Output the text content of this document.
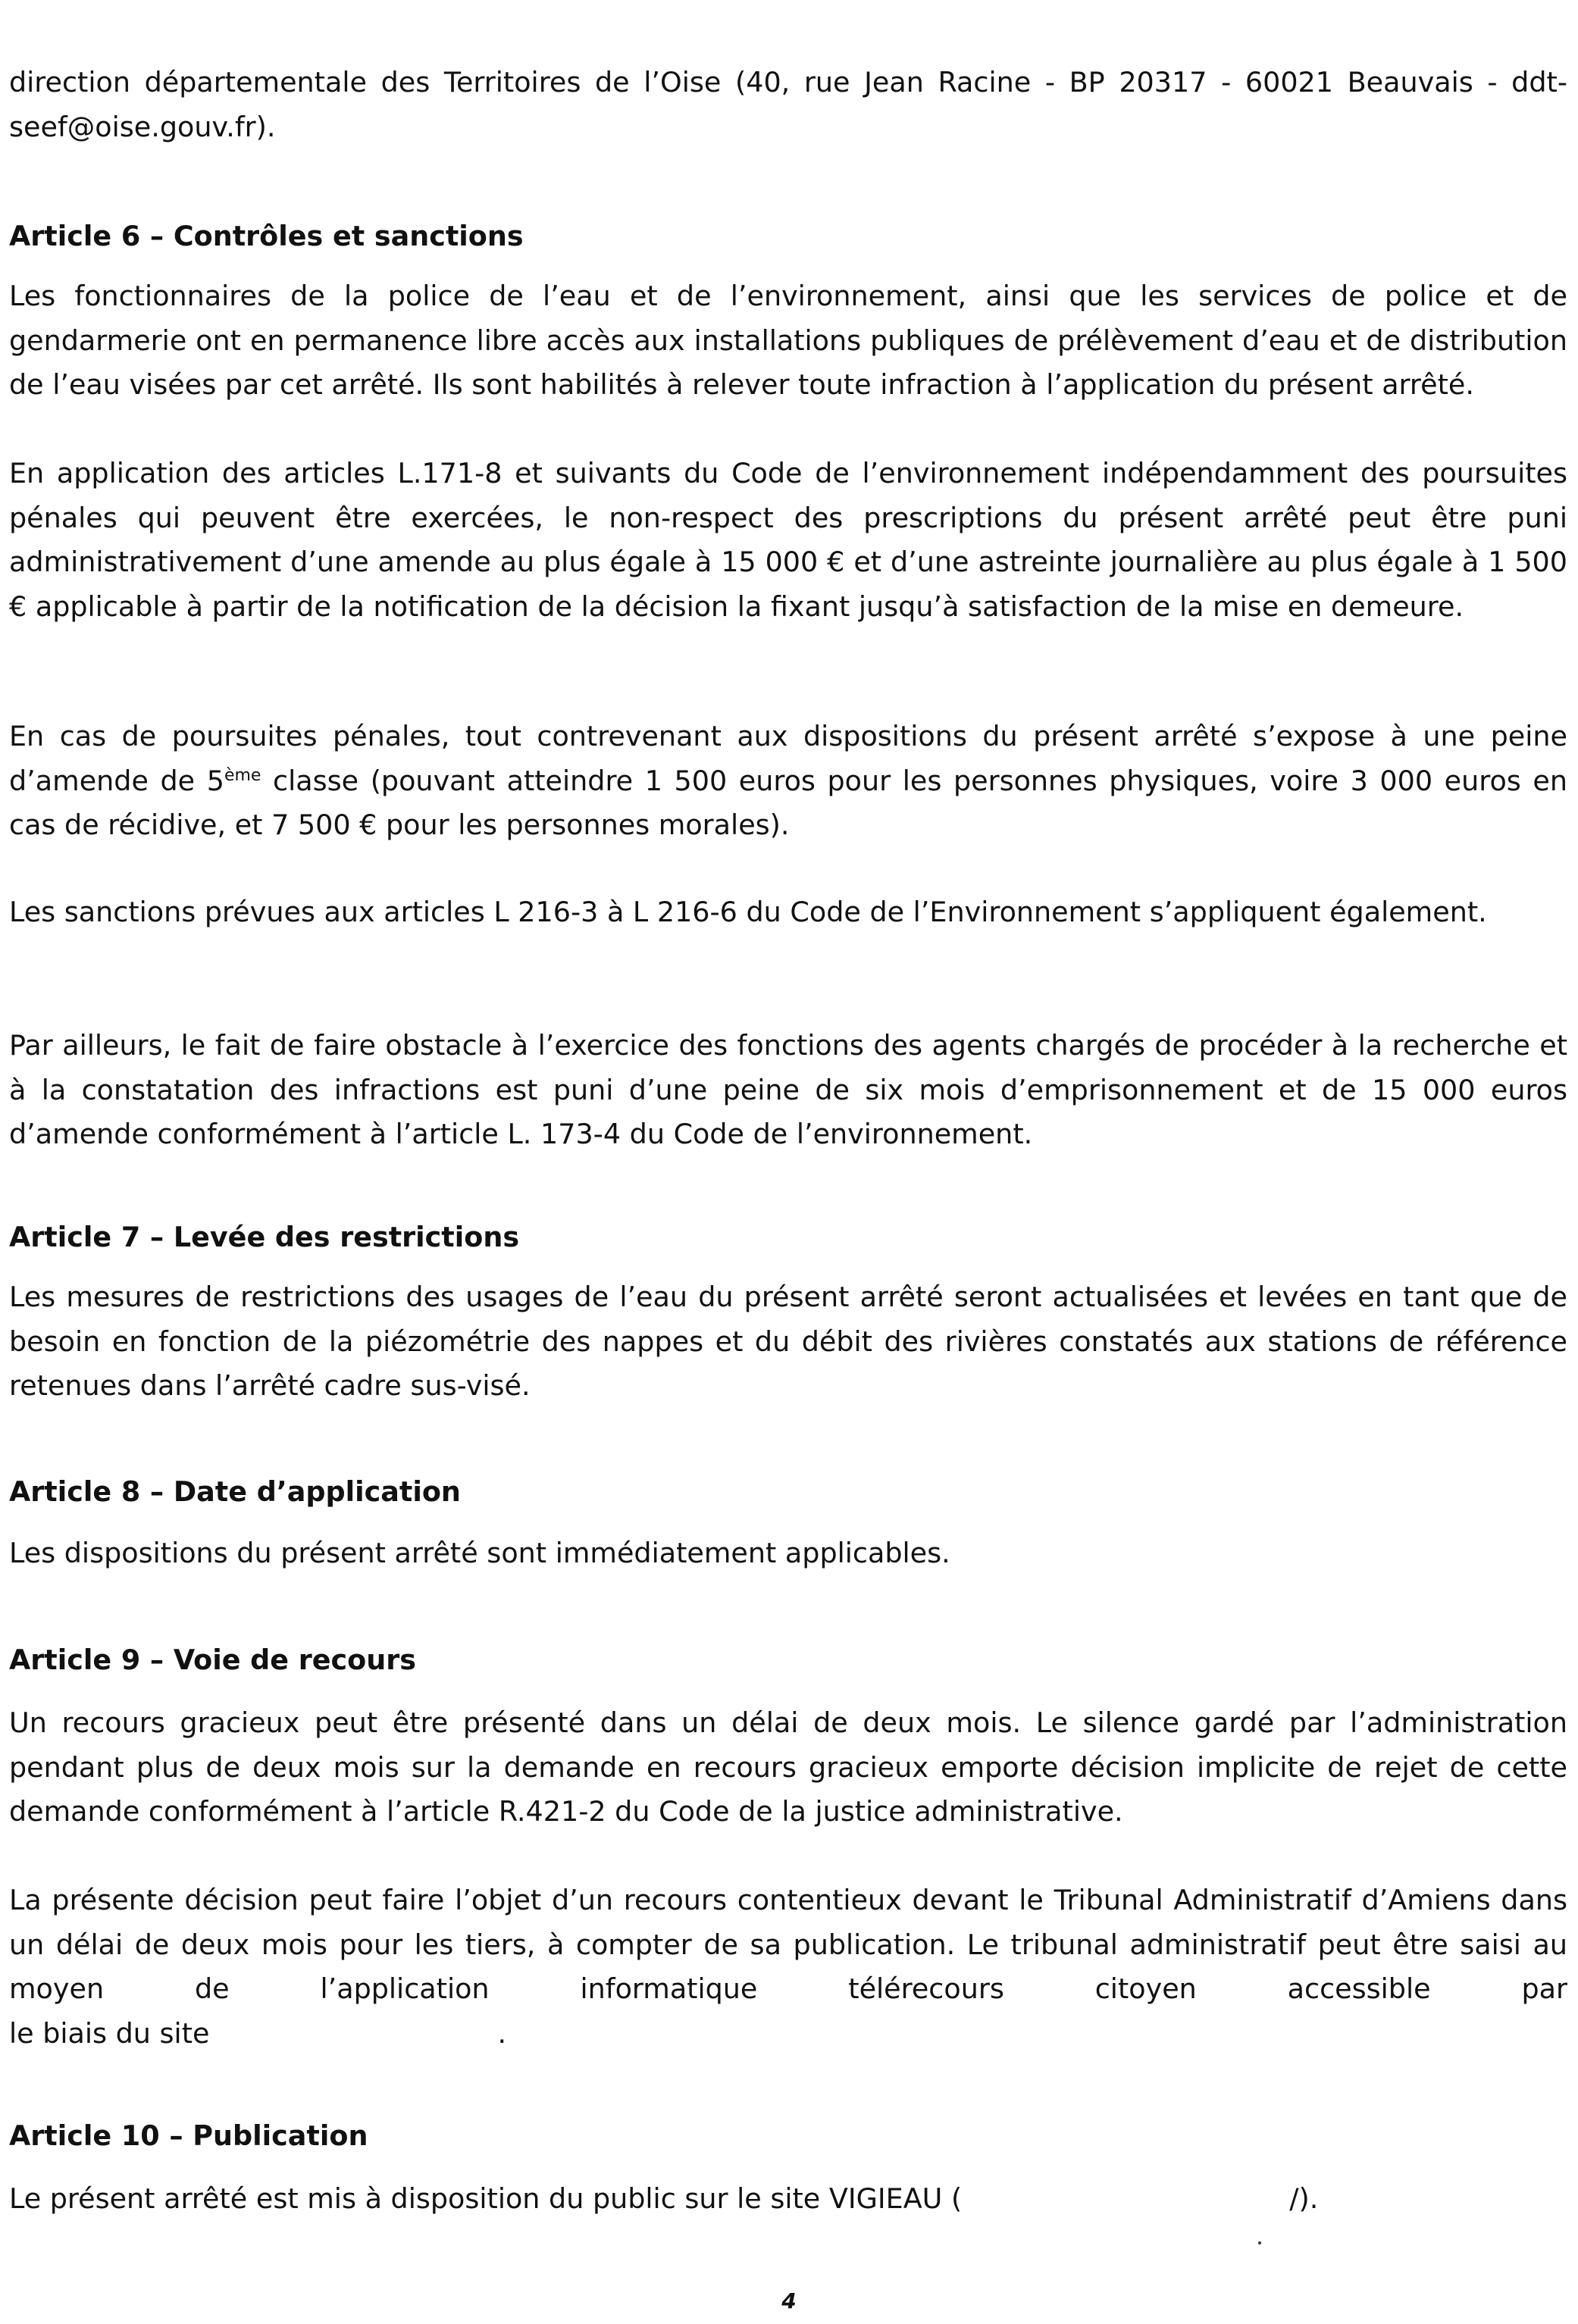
direction départementale des Territoires de l’Oise (40, rue Jean Racine - BP 20317 - 60021 Beauvais - ddt-seef@oise.gouv.fr).

Article 6 – Contrôles et sanctions

Les fonctionnaires de la police de l’eau et de l’environnement, ainsi que les services de police et de gendarmerie ont en permanence libre accès aux installations publiques de prélèvement d’eau et de distribution de l’eau visées par cet arrêté. Ils sont habilités à relever toute infraction à l’application du présent arrêté.

En application des articles L.171-8 et suivants du Code de l’environnement indépendamment des poursuites pénales qui peuvent être exercées, le non-respect des prescriptions du présent arrêté peut être puni administrativement d’une amende au plus égale à 15 000 € et d’une astreinte journalière au plus égale à 1 500 € applicable à partir de la notification de la décision la fixant jusqu’à satisfaction de la mise en demeure.

En cas de poursuites pénales, tout contrevenant aux dispositions du présent arrêté s’expose à une peine d’amende de 5ème classe (pouvant atteindre 1 500 euros pour les personnes physiques, voire 3 000 euros en cas de récidive, et 7 500 € pour les personnes morales).

Les sanctions prévues aux articles L 216-3 à L 216-6 du Code de l’Environnement s’appliquent également.

Par ailleurs, le fait de faire obstacle à l’exercice des fonctions des agents chargés de procéder à la recherche et à la constatation des infractions est puni d’une peine de six mois d’emprisonnement et de 15 000 euros d’amende conformément à l’article L. 173-4 du Code de l’environnement.

Article 7 – Levée des restrictions

Les mesures de restrictions des usages de l’eau du présent arrêté seront actualisées et levées en tant que de besoin en fonction de la piézométrie des nappes et du débit des rivières constatés aux stations de référence retenues dans l’arrêté cadre sus-visé.

Article 8 – Date d’application

Les dispositions du présent arrêté sont immédiatement applicables.

Article 9 – Voie de recours

Un recours gracieux peut être présenté dans un délai de deux mois. Le silence gardé par l’administration pendant plus de deux mois sur la demande en recours gracieux emporte décision implicite de rejet de cette demande conformément à l’article R.421-2 du Code de la justice administrative.

La présente décision peut faire l’objet d’un recours contentieux devant le Tribunal Administratif d’Amiens dans un délai de deux mois pour les tiers, à compter de sa publication. Le tribunal administratif peut être saisi au moyen de l’application informatique télérecours citoyen accessible par

le biais du site	.

Article 10 – Publication

Le présent arrêté est mis à disposition du public sur le site VIGIEAU (	/).

4
